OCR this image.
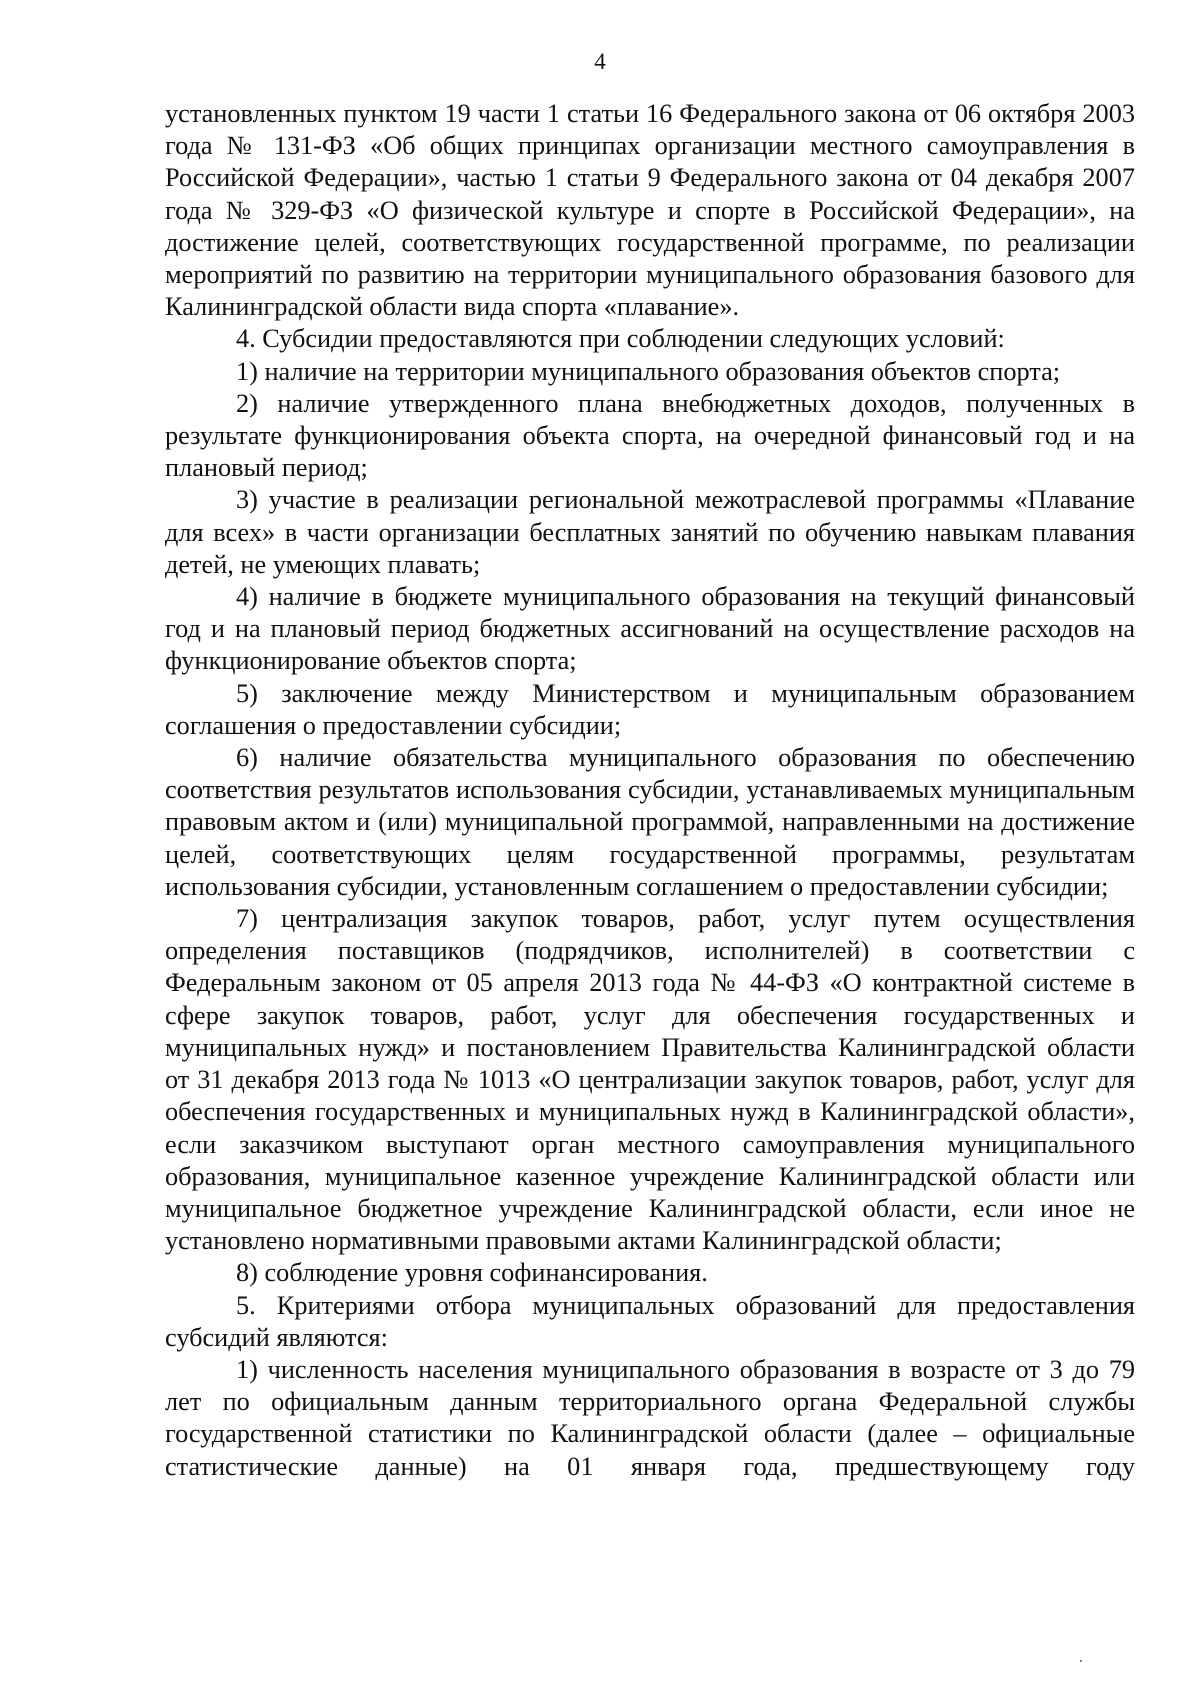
4

установленных пунктом 19 части 1 статьи 16 Федерального закона от 06 октября 2003 года № 131-ФЗ «Об общих принципах организации местного самоуправления в Российской Федерации», частью 1 статьи 9 Федерального закона от 04 декабря 2007 года № 329-ФЗ «О физической культуре и спорте в Российской Федерации», на достижение целей, соответствующих государственной программе, по реализации мероприятий по развитию на территории муниципального образования базового для Калининградской области вида спорта «плавание».

4. Субсидии предоставляются при соблюдении следующих условий:

1) наличие на территории муниципального образования объектов спорта;

2) наличие утвержденного плана внебюджетных доходов, полученных в результате функционирования объекта спорта, на очередной финансовый год и на плановый период;

3) участие в реализации региональной межотраслевой программы «Плавание для всех» в части организации бесплатных занятий по обучению навыкам плавания детей, не умеющих плавать;

4) наличие в бюджете муниципального образования на текущий финансовый год и на плановый период бюджетных ассигнований на осуществление расходов на функционирование объектов спорта;

5) заключение между Министерством и муниципальным образованием соглашения о предоставлении субсидии;

6) наличие обязательства муниципального образования по обеспечению соответствия результатов использования субсидии, устанавливаемых муниципальным правовым актом и (или) муниципальной программой, направленными на достижение целей, соответствующих целям государственной программы, результатам использования субсидии, установленным соглашением о предоставлении субсидии;

7) централизация закупок товаров, работ, услуг путем осуществления определения поставщиков (подрядчиков, исполнителей) в соответствии с Федеральным законом от 05 апреля 2013 года № 44-ФЗ «О контрактной системе в сфере закупок товаров, работ, услуг для обеспечения государственных и муниципальных нужд» и постановлением Правительства Калининградской области от 31 декабря 2013 года № 1013 «О централизации закупок товаров, работ, услуг для обеспечения государственных и муниципальных нужд в Калининградской области», если заказчиком выступают орган местного самоуправления муниципального образования, муниципальное казенное учреждение Калининградской области или муниципальное бюджетное учреждение Калининградской области, если иное не установлено нормативными правовыми актами Калининградской области;

8) соблюдение уровня софинансирования.

5. Критериями отбора муниципальных образований для предоставления субсидий являются:

1) численность населения муниципального образования в возрасте от 3 до 79 лет по официальным данным территориального органа Федеральной службы государственной статистики по Калининградской области (далее – официальные статистические данные) на 01 января года, предшествующему году
